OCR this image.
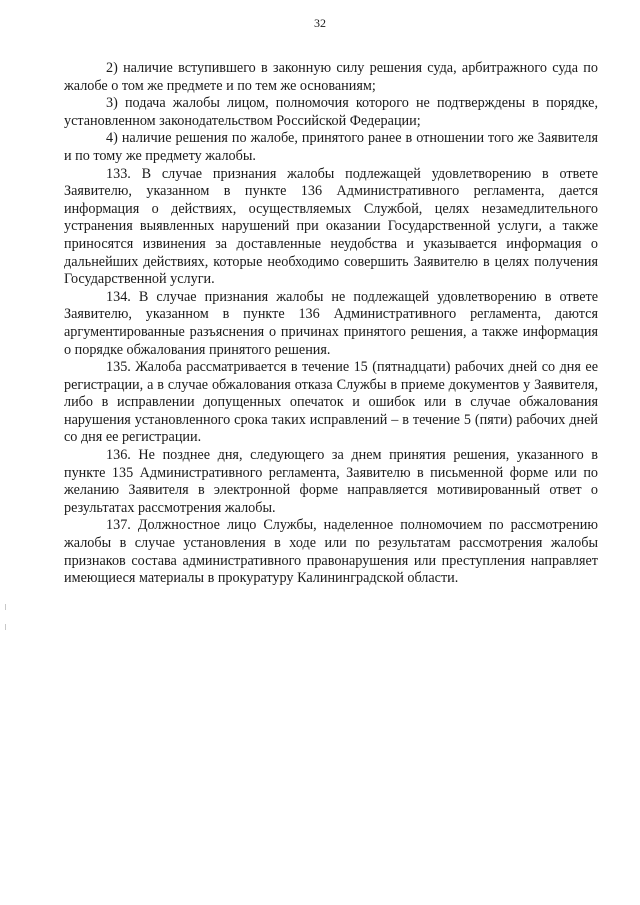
32

2) наличие вступившего в законную силу решения суда, арбитражного суда по жалобе о том же предмете и по тем же основаниям;

3) подача жалобы лицом, полномочия которого не подтверждены в порядке, установленном законодательством Российской Федерации;

4) наличие решения по жалобе, принятого ранее в отношении того же Заявителя и по тому же предмету жалобы.

133. В случае признания жалобы подлежащей удовлетворению в ответе Заявителю, указанном в пункте 136 Административного регламента, дается информация о действиях, осуществляемых Службой, целях незамедлительного устранения выявленных нарушений при оказании Государственной услуги, а также приносятся извинения за доставленные неудобства и указывается информация о дальнейших действиях, которые необходимо совершить Заявителю в целях получения Государственной услуги.

134. В случае признания жалобы не подлежащей удовлетворению в ответе Заявителю, указанном в пункте 136 Административного регламента, даются аргументированные разъяснения о причинах принятого решения, а также информация о порядке обжалования принятого решения.

135. Жалоба рассматривается в течение 15 (пятнадцати) рабочих дней со дня ее регистрации, а в случае обжалования отказа Службы в приеме документов у Заявителя, либо в исправлении допущенных опечаток и ошибок или в случае обжалования нарушения установленного срока таких исправлений – в течение 5 (пяти) рабочих дней со дня ее регистрации.

136. Не позднее дня, следующего за днем принятия решения, указанного в пункте 135 Административного регламента, Заявителю в письменной форме или по желанию Заявителя в электронной форме направляется мотивированный ответ о результатах рассмотрения жалобы.

137. Должностное лицо Службы, наделенное полномочием по рассмотрению жалобы в случае установления в ходе или по результатам рассмотрения жалобы признаков состава административного правонарушения или преступления направляет имеющиеся материалы в прокуратуру Калининградской области.
